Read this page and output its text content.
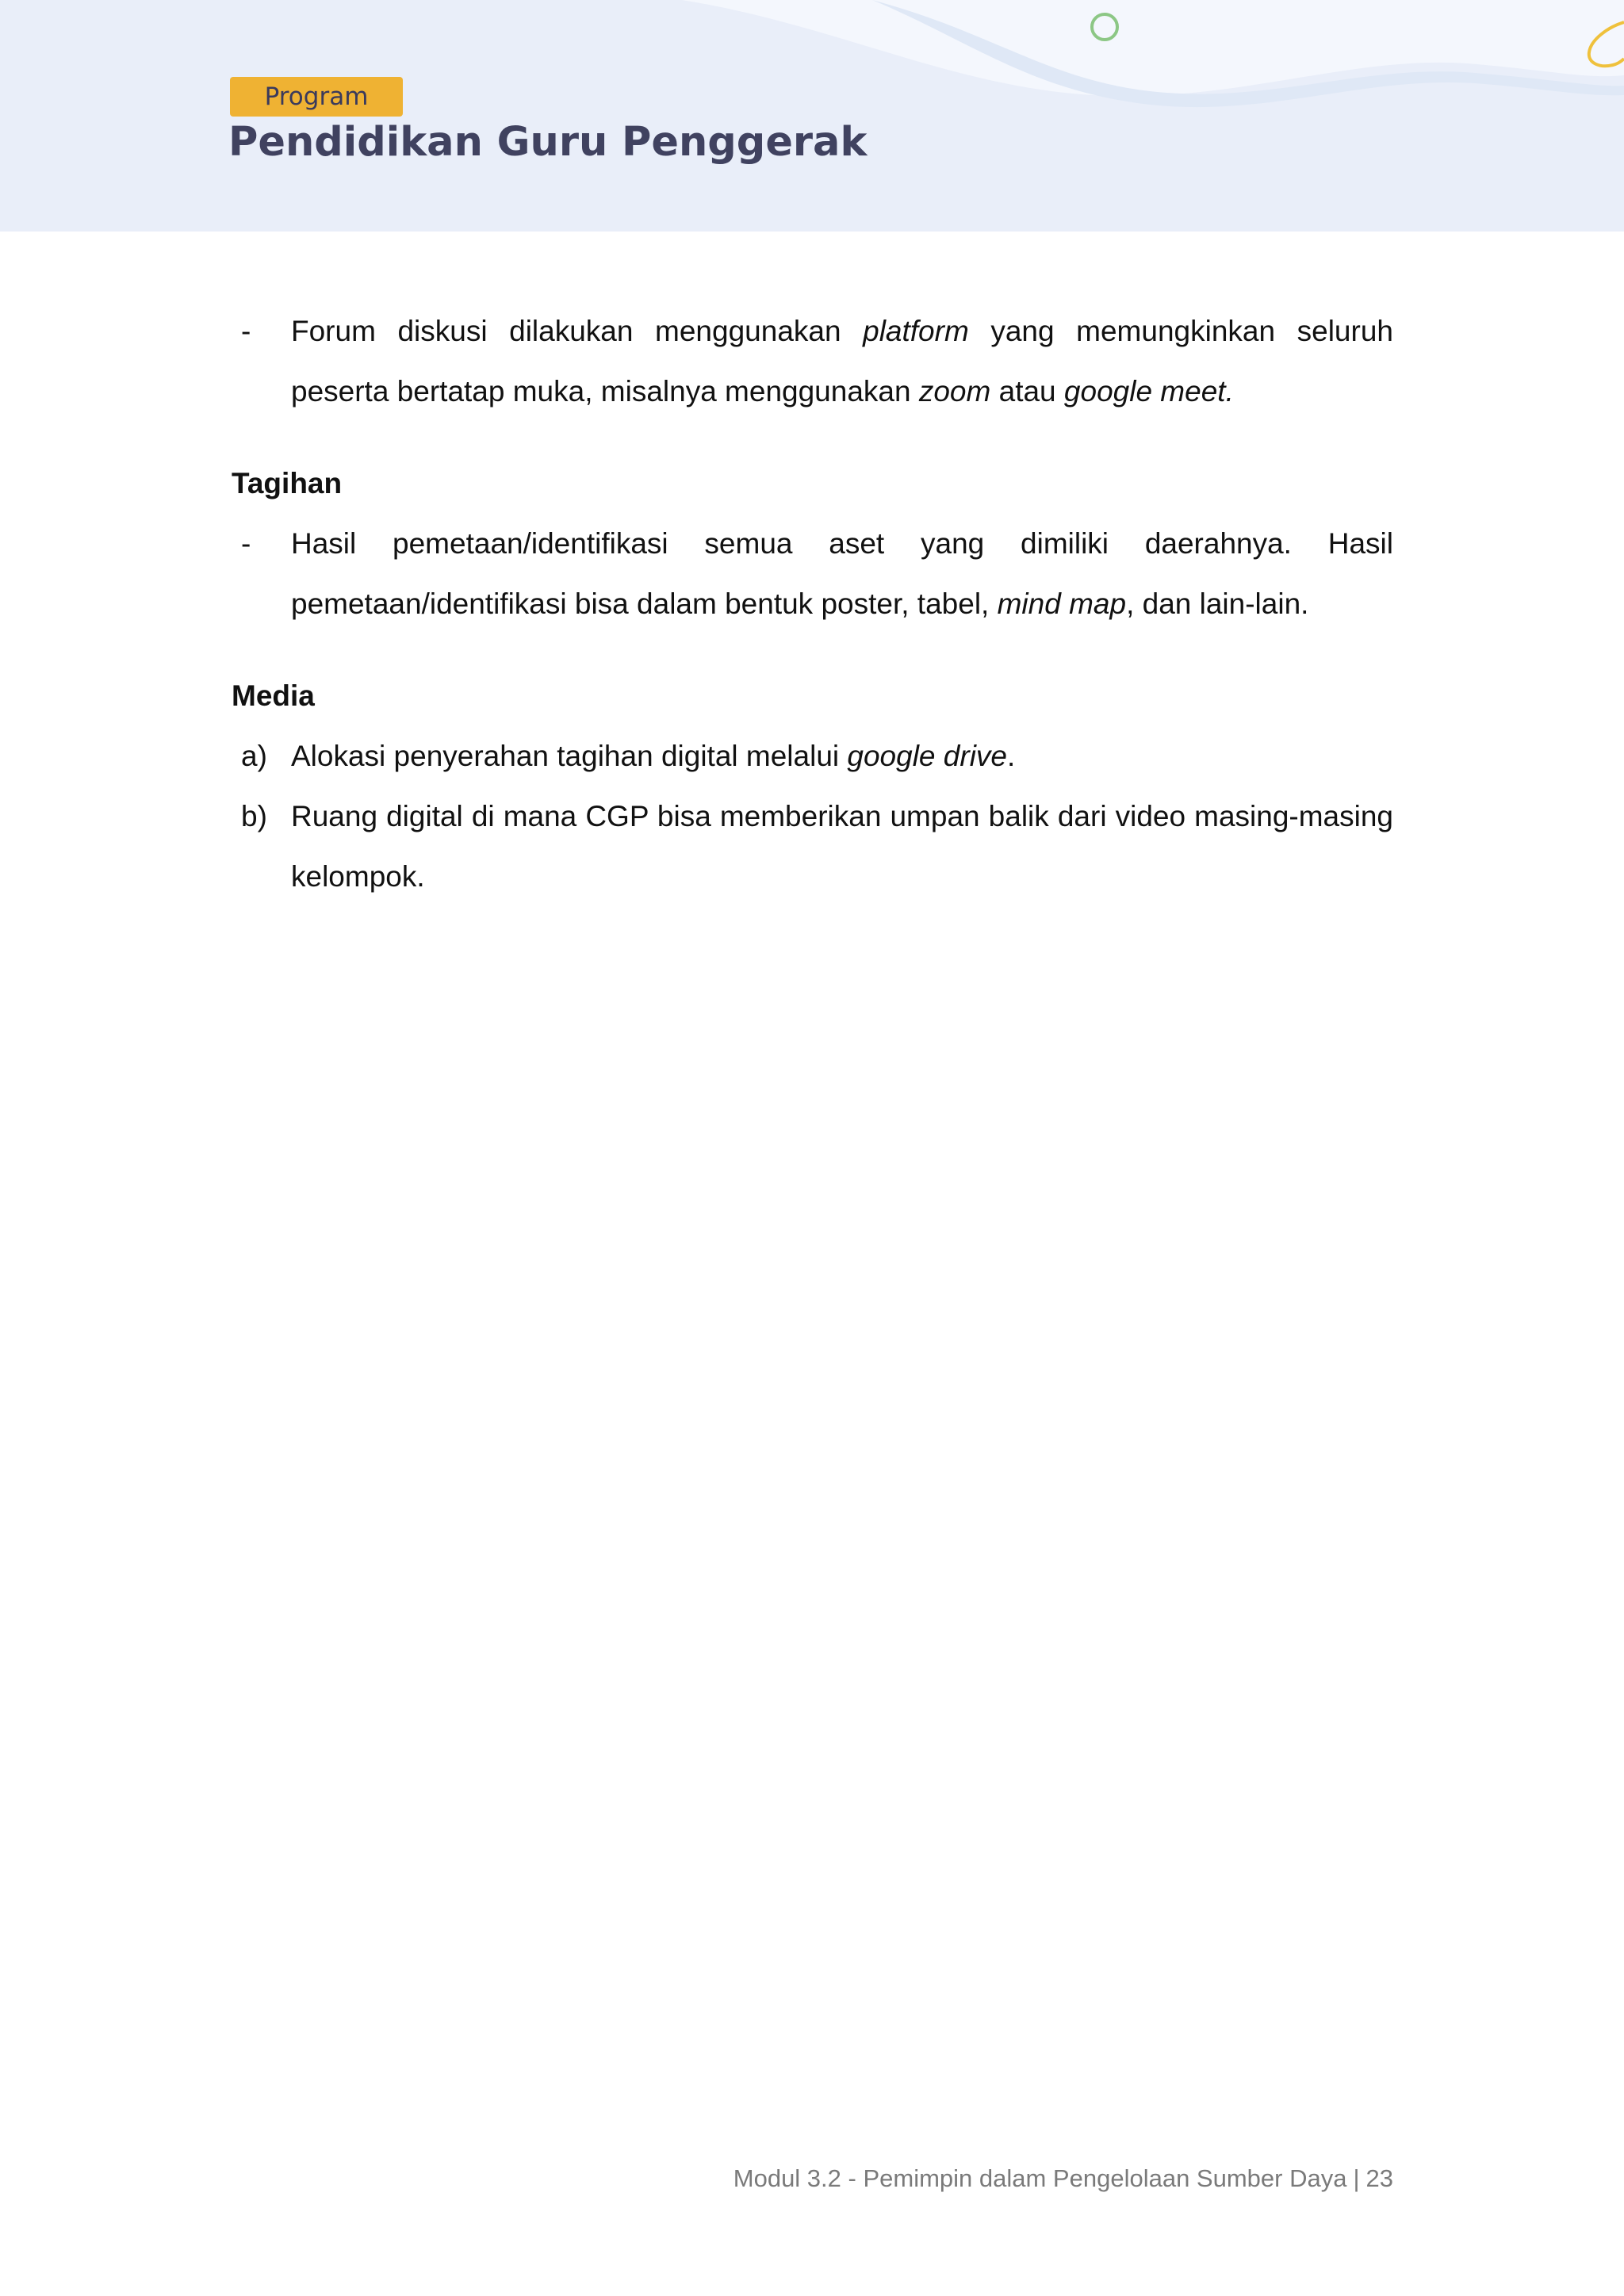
Program
Pendidikan Guru Penggerak
- Forum diskusi dilakukan menggunakan platform yang memungkinkan seluruh peserta bertatap muka, misalnya menggunakan zoom atau google meet.
Tagihan
- Hasil pemetaan/identifikasi semua aset yang dimiliki daerahnya. Hasil pemetaan/identifikasi bisa dalam bentuk poster, tabel, mind map, dan lain-lain.
Media
a) Alokasi penyerahan tagihan digital melalui google drive.
b) Ruang digital di mana CGP bisa memberikan umpan balik dari video masing-masing kelompok.
Modul 3.2 - Pemimpin dalam Pengelolaan Sumber Daya | 23
